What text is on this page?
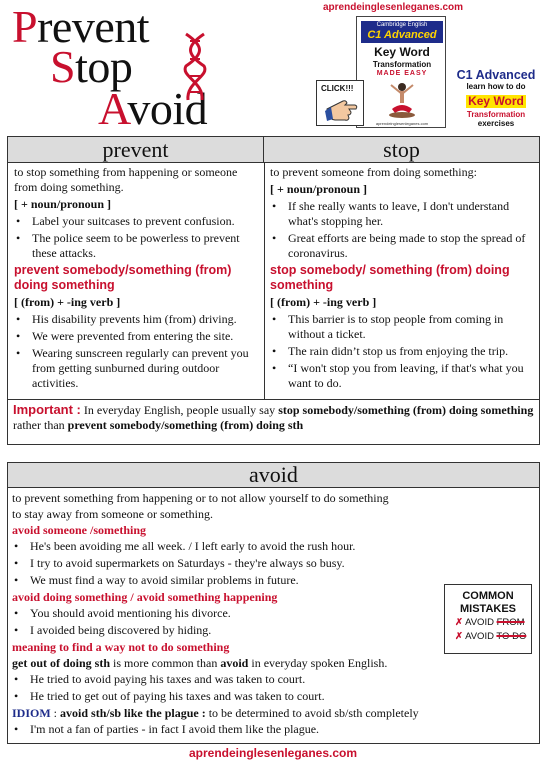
Prevent
Stop
Avoid
aprendeinglesenleganes.com
Cambridge English
C1 Advanced
Key Word
Transformation
MADE EASY
aprendeinglesenleganes.com
CLICK!!!
C1 Advanced
learn how to do
Key Word
Transformation
exercises
prevent	stop

to stop something from happening or someone from doing something.

[ + noun/pronoun ]

• Label your suitcases to prevent confusion.
• The police seem to be powerless to prevent these attacks.

prevent somebody/something (from) doing something

[ (from) + -ing verb ]

• His disability prevents him (from) driving.
• We were prevented from entering the site.
• Wearing sunscreen regularly can prevent you from getting sunburned during outdoor activities.

to prevent someone from doing something:

[ + noun/pronoun ]

• If she really wants to leave, I don't understand what's stopping her.
• Great efforts are being made to stop the spread of coronavirus.

stop somebody/ something (from) doing something

[ (from) + -ing verb ]

• This barrier is to stop people from coming in without a ticket.
• The rain didn’t stop us from enjoying the trip.
• “I won't stop you from leaving, if that's what you want to do.
Important : In everyday English, people usually say stop somebody/something (from) doing something rather than prevent somebody/something (from) doing sth
avoid

to prevent something from happening or to not allow yourself to do something

to stay away from someone or something.

avoid someone /something

• He's been avoiding me all week. / I left early to avoid the rush hour.
• I try to avoid supermarkets on Saturdays - they're always so busy.
• We must find a way to avoid similar problems in future.

avoid doing something / avoid something happening

• You should avoid mentioning his divorce.
• I avoided being discovered by hiding.

meaning to find a way not to do something

get out of doing sth is more common than avoid in everyday spoken English.

• He tried to avoid paying his taxes and was taken to court.
• He tried to get out of paying his taxes and was taken to court.

IDIOM : avoid sth/sb like the plague : to be determined to avoid sb/sth completely

• I'm not a fan of parties - in fact I avoid them like the plague.
COMMON
MISTAKES
✗ AVOID FROM
✗ AVOID TO DO
aprendeinglesenleganes.com
